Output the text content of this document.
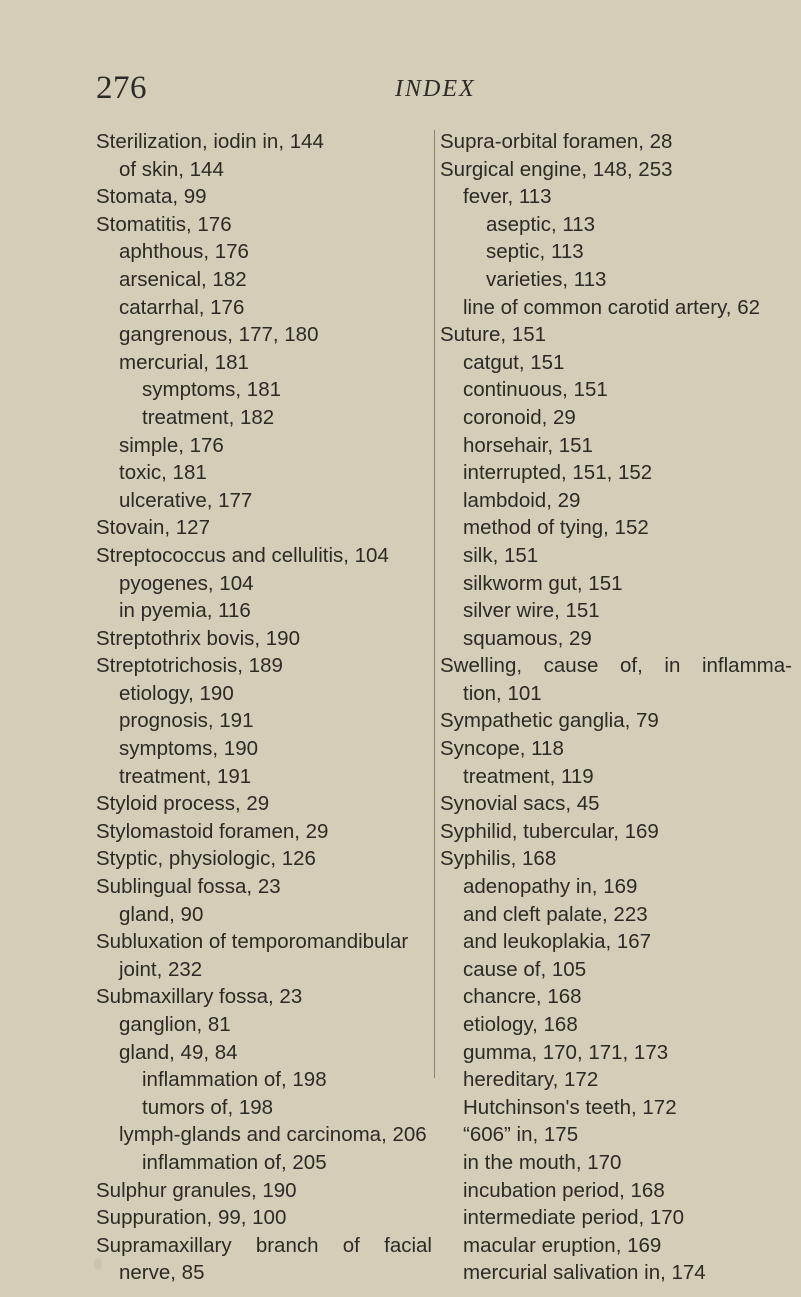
276	INDEX
Sterilization, iodin in, 144
of skin, 144
Stomata, 99
Stomatitis, 176
aphthous, 176
arsenical, 182
catarrhal, 176
gangrenous, 177, 180
mercurial, 181
symptoms, 181
treatment, 182
simple, 176
toxic, 181
ulcerative, 177
Stovain, 127
Streptococcus and cellulitis, 104
pyogenes, 104
in pyemia, 116
Streptothrix bovis, 190
Streptotrichosis, 189
etiology, 190
prognosis, 191
symptoms, 190
treatment, 191
Styloid process, 29
Stylomastoid foramen, 29
Styptic, physiologic, 126
Sublingual fossa, 23
gland, 90
Subluxation of temporomandibular
joint, 232
Submaxillary fossa, 23
ganglion, 81
gland, 49, 84
inflammation of, 198
tumors of, 198
lymph-glands and carcinoma, 206
inflammation of, 205
Sulphur granules, 190
Suppuration, 99, 100
Supramaxillary branch of facial
nerve, 85
Supra-orbital foramen, 28
Surgical engine, 148, 253
fever, 113
aseptic, 113
septic, 113
varieties, 113
line of common carotid artery, 62
Suture, 151
catgut, 151
continuous, 151
coronoid, 29
horsehair, 151
interrupted, 151, 152
lambdoid, 29
method of tying, 152
silk, 151
silkworm gut, 151
silver wire, 151
squamous, 29
Swelling, cause of, in inflamma-
tion, 101
Sympathetic ganglia, 79
Syncope, 118
treatment, 119
Synovial sacs, 45
Syphilid, tubercular, 169
Syphilis, 168
adenopathy in, 169
and cleft palate, 223
and leukoplakia, 167
cause of, 105
chancre, 168
etiology, 168
gumma, 170, 171, 173
hereditary, 172
Hutchinson's teeth, 172
“606” in, 175
in the mouth, 170
incubation period, 168
intermediate period, 170
macular eruption, 169
mercurial salivation in, 174
